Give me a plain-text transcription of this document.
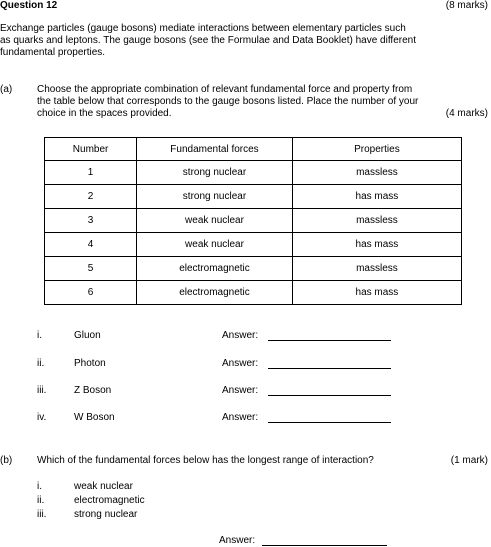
Question 12	(8 marks)
Exchange particles (gauge bosons) mediate interactions between elementary particles such
as quarks and leptons. The gauge bosons (see the Formulae and Data Booklet) have different
fundamental properties.
(a) Choose the appropriate combination of relevant fundamental force and property from
the table below that corresponds to the gauge bosons listed. Place the number of your
choice in the spaces provided.	(4 marks)
Number	Fundamental forces	Properties
1	strong nuclear	massless
2	strong nuclear	has mass
3	weak nuclear	massless
4	weak nuclear	has mass
5	electromagnetic	massless
6	electromagnetic	has mass
i.	Gluon	Answer:
ii.	Photon	Answer:
iii.	Z Boson	Answer:
iv.	W Boson	Answer:
(b) Which of the fundamental forces below has the longest range of interaction?	(1 mark)
i.	weak nuclear
ii.	electromagnetic
iii.	strong nuclear
Answer:
